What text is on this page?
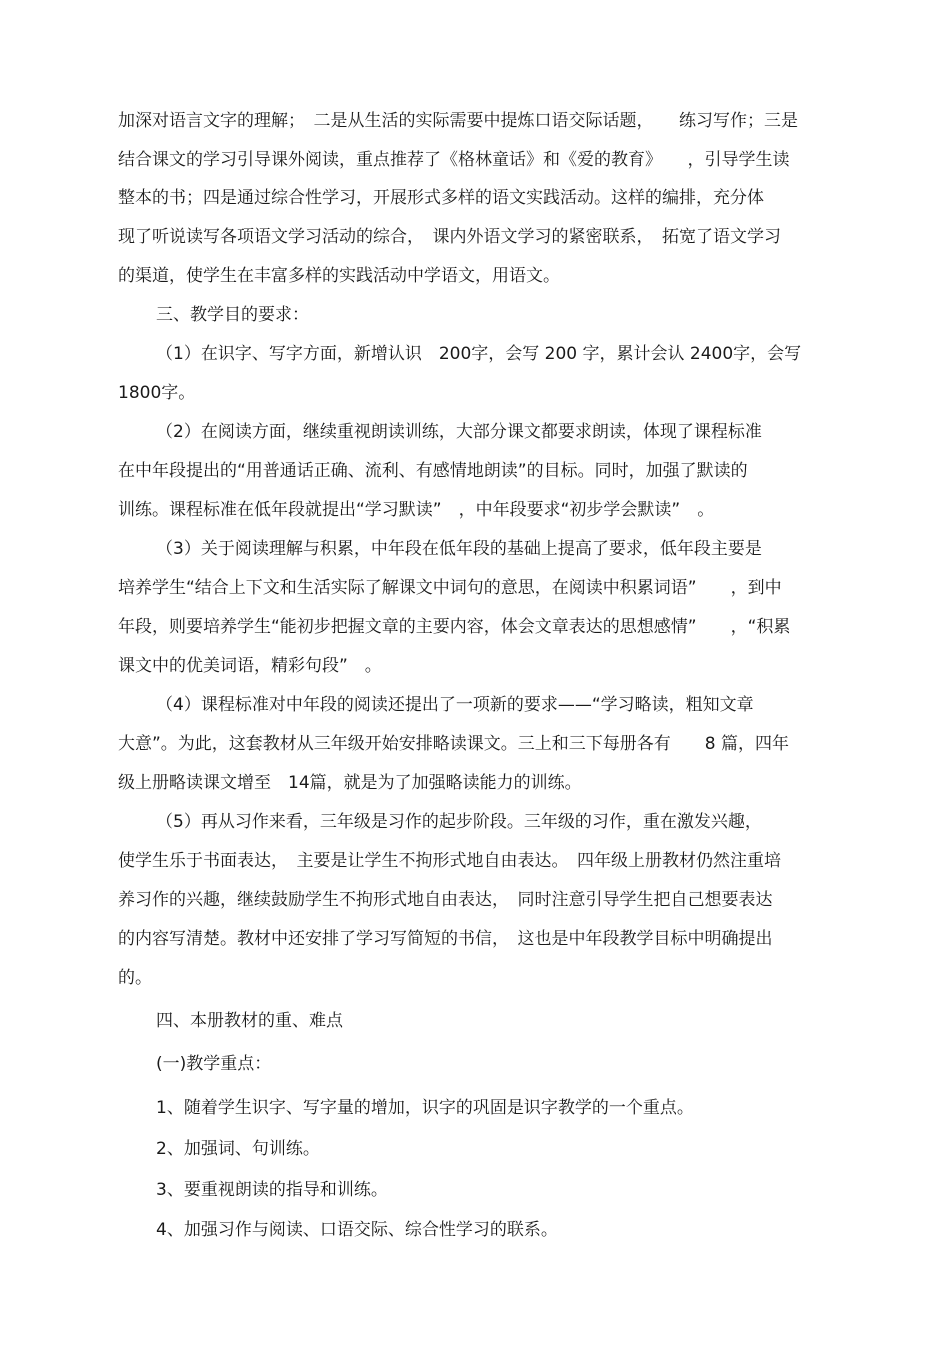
加深对语言文字的理解；　二是从生活的实际需要中提炼口语交际话题，　　练习写作；三是
结合课文的学习引导课外阅读，重点推荐了《格林童话》和《爱的教育》　　，引导学生读
整本的书；四是通过综合性学习，开展形式多样的语文实践活动。这样的编排，充分体
现了听说读写各项语文学习活动的综合，　课内外语文学习的紧密联系，　拓宽了语文学习
的渠道，使学生在丰富多样的实践活动中学语文，用语文。
三、教学目的要求：
（1）在识字、写字方面，新增认识　200字，会写 200 字，累计会认 2400字，会写
1800字。
（2）在阅读方面，继续重视朗读训练，大部分课文都要求朗读，体现了课程标准
在中年段提出的“用普通话正确、流利、有感情地朗读”的目标。同时，加强了默读的
训练。课程标准在低年段就提出“学习默读”　，中年段要求“初步学会默读”　。
（3）关于阅读理解与积累，中年段在低年段的基础上提高了要求，低年段主要是
培养学生“结合上下文和生活实际了解课文中词句的意思，在阅读中积累词语”　　，到中
年段，则要培养学生“能初步把握文章的主要内容，体会文章表达的思想感情”　　，“积累
课文中的优美词语，精彩句段”　。
（4）课程标准对中年段的阅读还提出了一项新的要求——“学习略读，粗知文章
大意”。为此，这套教材从三年级开始安排略读课文。三上和三下每册各有　　8 篇，四年
级上册略读课文增至　14篇，就是为了加强略读能力的训练。
（5）再从习作来看，三年级是习作的起步阶段。三年级的习作，重在激发兴趣，
使学生乐于书面表达，　主要是让学生不拘形式地自由表达。　四年级上册教材仍然注重培
养习作的兴趣，继续鼓励学生不拘形式地自由表达，　同时注意引导学生把自己想要表达
的内容写清楚。教材中还安排了学习写简短的书信，　这也是中年段教学目标中明确提出
的。
四、本册教材的重、难点
(一)教学重点：
1、随着学生识字、写字量的增加，识字的巩固是识字教学的一个重点。
2、加强词、句训练。
3、要重视朗读的指导和训练。
4、加强习作与阅读、口语交际、综合性学习的联系。
